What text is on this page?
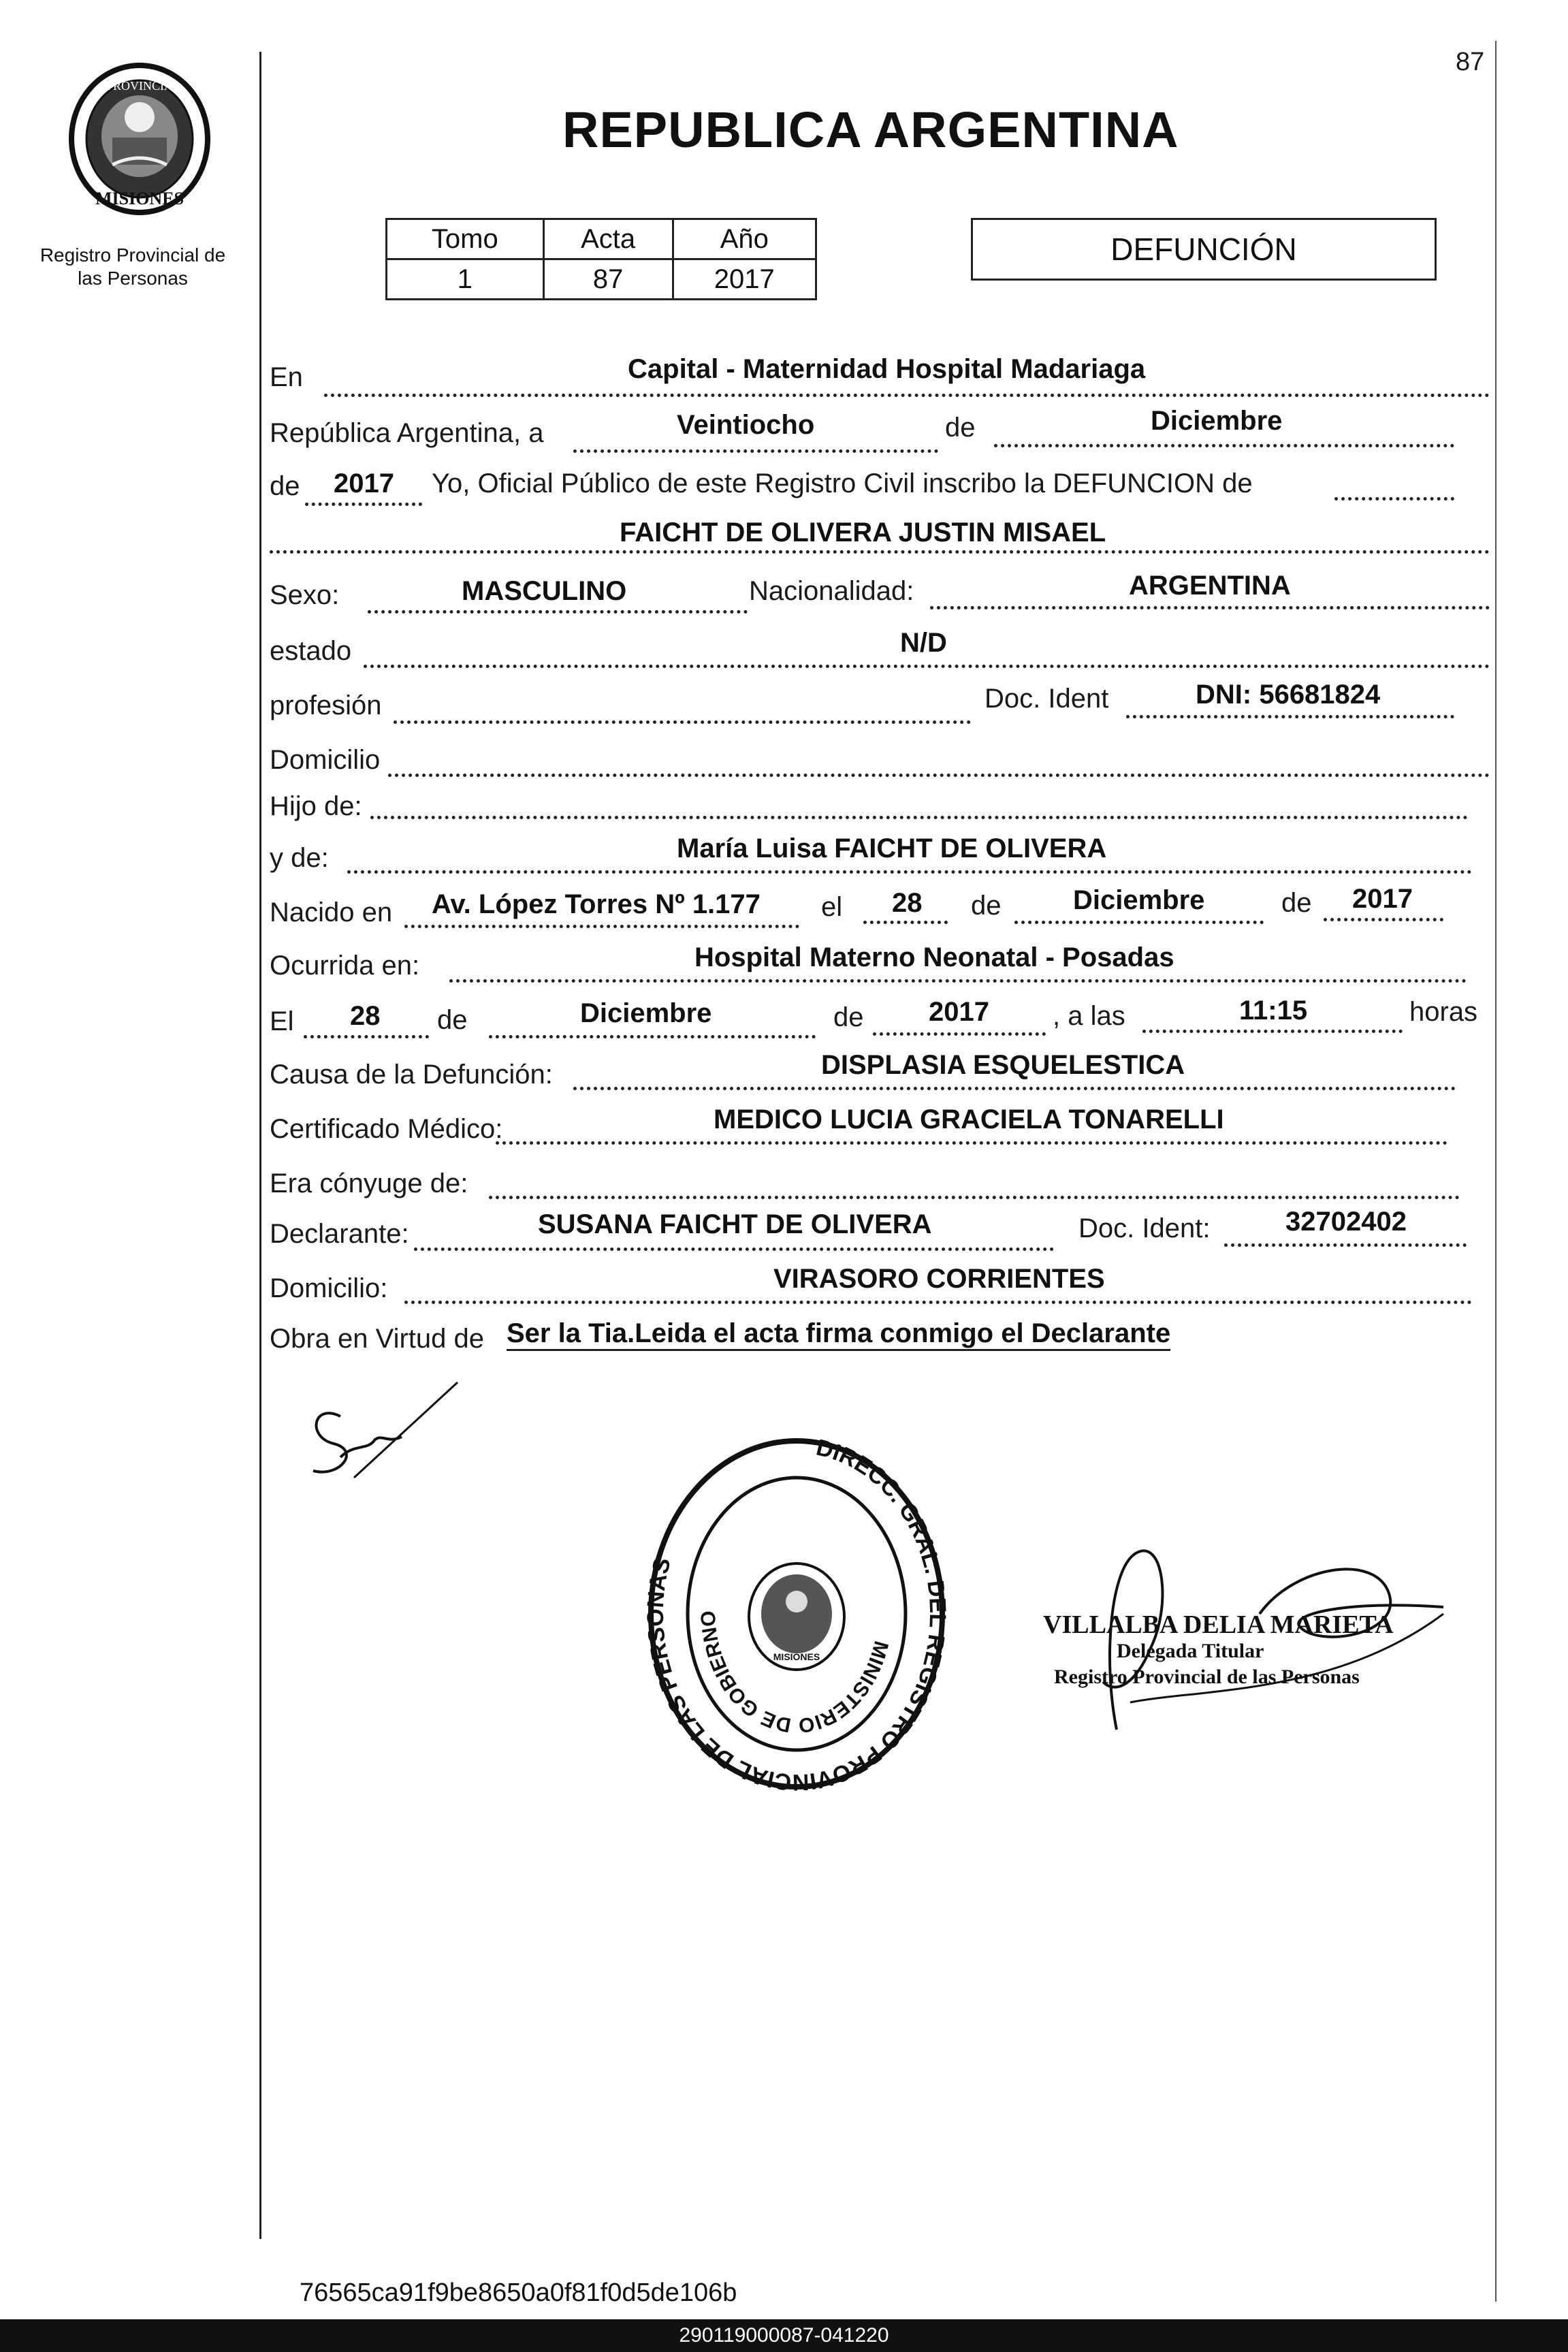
87
PROVINCIA
MISIONES
Registro Provincial de
las Personas
REPUBLICA ARGENTINA
Tomo	Acta	Año
1	87	2017
DEFUNCIÓN
En	Capital - Maternidad Hospital Madariaga
República Argentina, a	Veintiocho	de	Diciembre
de 2017 Yo, Oficial Público de este Registro Civil inscribo la DEFUNCION de
FAICHT DE OLIVERA JUSTIN MISAEL
Sexo:	MASCULINO	Nacionalidad:	ARGENTINA
estado	N/D
profesión	Doc. Ident	DNI: 56681824
Domicilio
Hijo de:
y de:	María Luisa FAICHT DE OLIVERA
Nacido en Av. López Torres Nº 1.177 el 28 de	Diciembre	de 2017
Ocurrida en:	Hospital Materno Neonatal - Posadas
El 28 de	Diciembre	de 2017 , a las	11:15	horas
Causa de la Defunción:	DISPLASIA ESQUELESTICA
Certificado Médico:	MEDICO LUCIA GRACIELA TONARELLI
Era cónyuge de:
Declarante:	SUSANA FAICHT DE OLIVERA	Doc. Ident:	32702402
Domicilio:	VIRASORO CORRIENTES
Obra en Virtud de Ser la Tia.Leida el acta firma conmigo el Declarante
DIRECC. GRAL. DEL REGISTRO PROVINCIAL DE LAS PERSONAS
MINISTERIO DE GOBIERNO
MISIONES
VILLALBA DELIA MARIETA
Delegada Titular
Registro Provincial de las Personas
76565ca91f9be8650a0f81f0d5de106b
290119000087-041220
